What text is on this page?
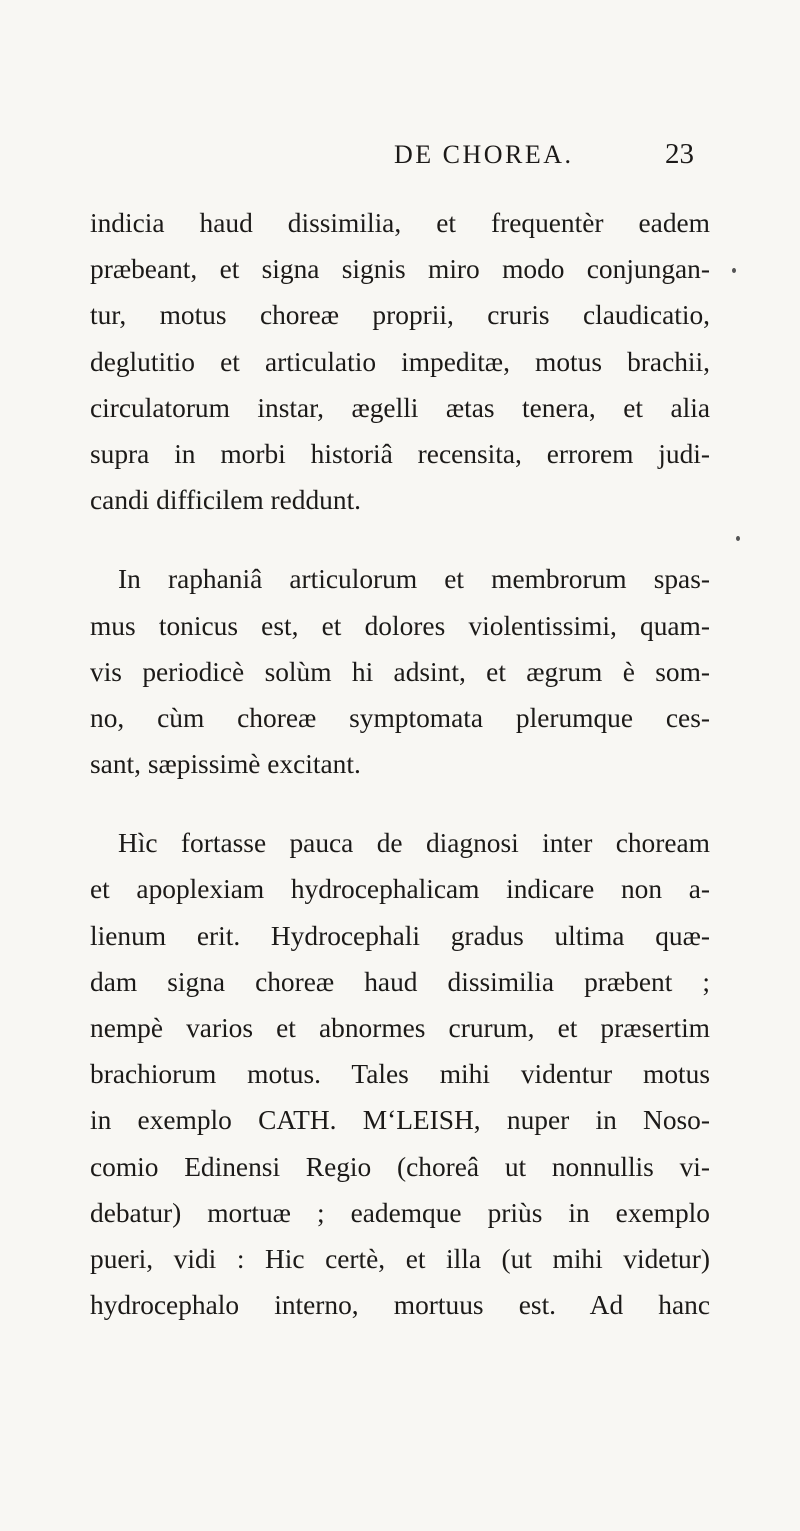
DE CHOREA.	23
indicia haud dissimilia, et frequentèr eadem
præbeant, et signa signis miro modo conjungan-
tur, motus choreæ proprii, cruris claudicatio,
deglutitio et articulatio impeditæ, motus brachii,
circulatorum instar, ægelli ætas tenera, et alia
supra in morbi historiâ recensita, errorem judi-
candi difficilem reddunt.
In raphaniâ articulorum et membrorum spas-
mus tonicus est, et dolores violentissimi, quam-
vis periodicè solùm hi adsint, et ægrum è som-
no, cùm choreæ symptomata plerumque ces-
sant, sæpissimè excitant.
Hìc fortasse pauca de diagnosi inter choream
et apoplexiam hydrocephalicam indicare non a-
lienum erit. Hydrocephali gradus ultima quæ-
dam signa choreæ haud dissimilia præbent ;
nempè varios et abnormes crurum, et præsertim
brachiorum motus. Tales mihi videntur motus
in exemplo CATH. MʻLEISH, nuper in Noso-
comio Edinensi Regio (choreâ ut nonnullis vi-
debatur) mortuæ ; eademque priùs in exemplo
pueri, vidi : Hic certè, et illa (ut mihi videtur)
hydrocephalo interno, mortuus est. Ad hanc
